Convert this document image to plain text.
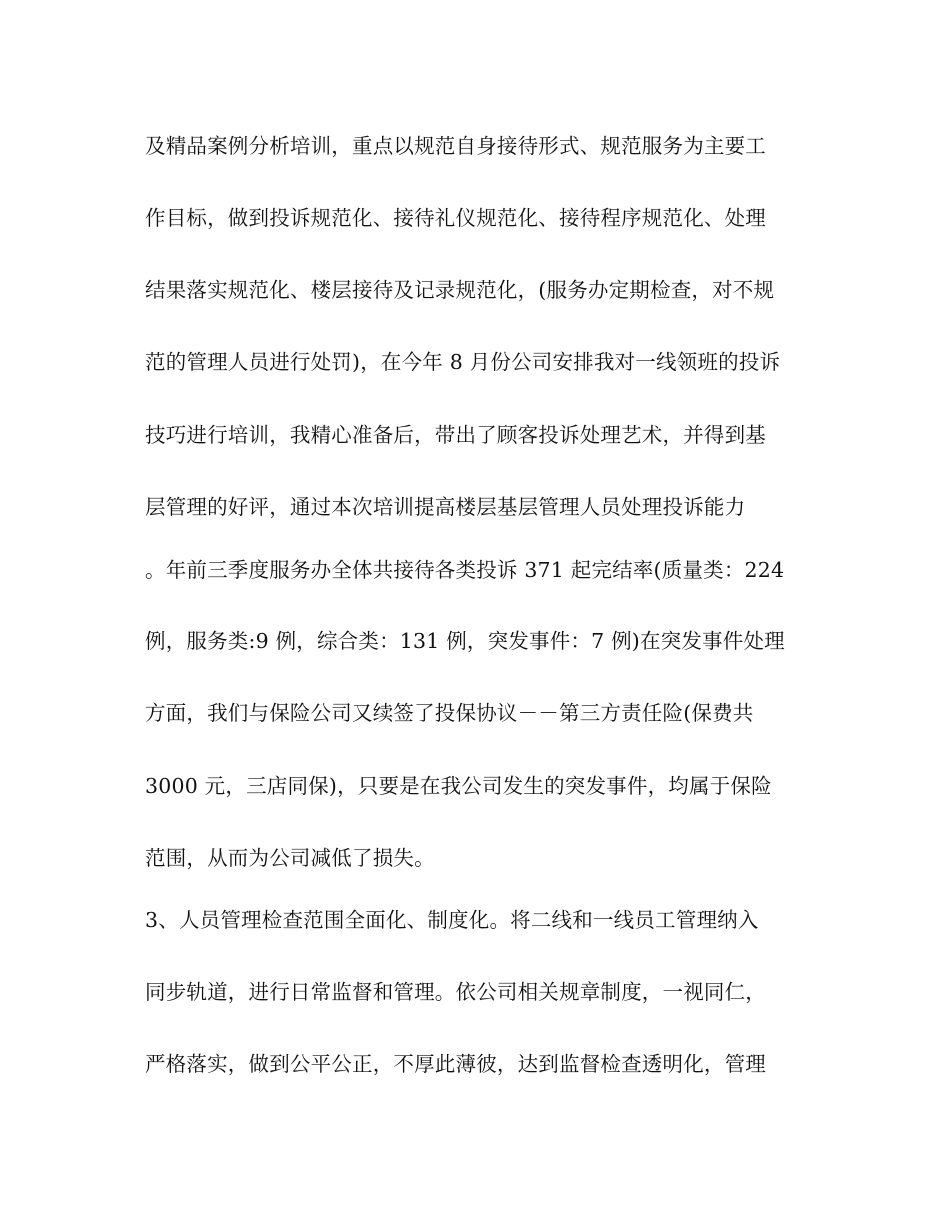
及精品案例分析培训，重点以规范自身接待形式、规范服务为主要工
作目标，做到投诉规范化、接待礼仪规范化、接待程序规范化、处理
结果落实规范化、楼层接待及记录规范化，(服务办定期检查，对不规
范的管理人员进行处罚)，在今年 8 月份公司安排我对一线领班的投诉
技巧进行培训，我精心准备后，带出了顾客投诉处理艺术，并得到基
层管理的好评，通过本次培训提高楼层基层管理人员处理投诉能力
。年前三季度服务办全体共接待各类投诉 371 起完结率(质量类：224
例，服务类:9 例，综合类：131 例，突发事件：7 例)在突发事件处理
方面，我们与保险公司又续签了投保协议－－第三方责任险(保费共
3000 元，三店同保)，只要是在我公司发生的突发事件，均属于保险
范围，从而为公司减低了损失。
3、人员管理检查范围全面化、制度化。将二线和一线员工管理纳入
同步轨道，进行日常监督和管理。依公司相关规章制度，一视同仁，
严格落实，做到公平公正，不厚此薄彼，达到监督检查透明化，管理
